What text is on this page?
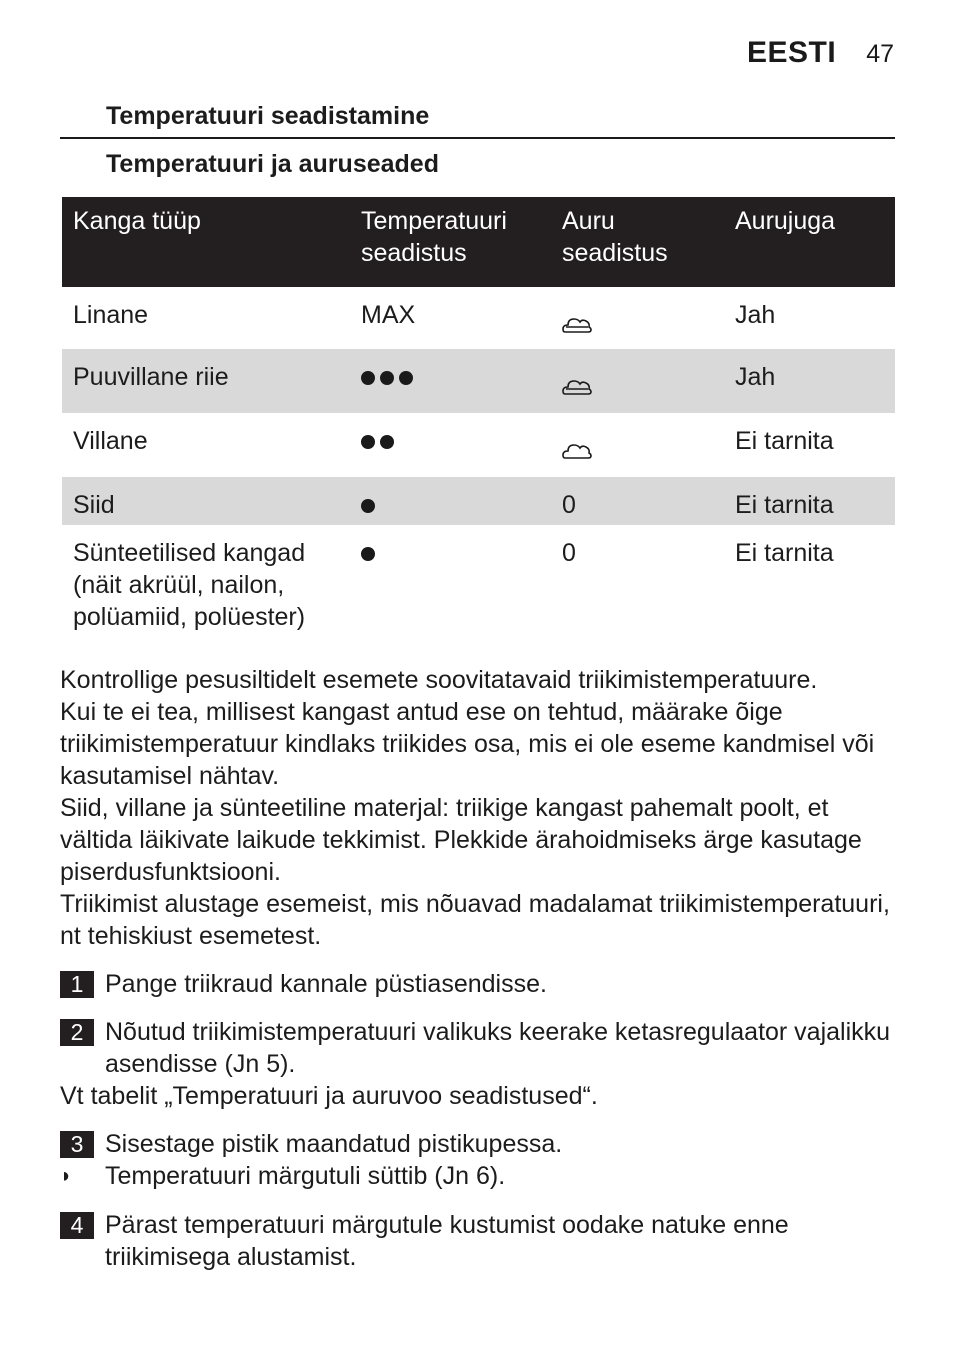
EESTI 47
Temperatuuri seadistamine
Temperatuuri ja auruseaded
Kanga tüüp	Temperatuuri seadistus	Auru seadistus	Aurujuga
Linane	MAX		Jah
Puuvillane riie			Jah
Villane			Ei tarnita
Siid		0	Ei tarnita
Sünteetilised kangad (näit akrüül, nailon, polüamiid, polüester)		0	Ei tarnita

Kontrollige pesusiltidelt esemete soovitatavaid triikimistemperatuure.

Kui te ei tea, millisest kangast antud ese on tehtud, määrake õige triikimistemperatuur kindlaks triikides osa, mis ei ole eseme kandmisel või kasutamisel nähtav.

Siid, villane ja sünteetiline materjal: triikige kangast pahemalt poolt, et vältida läikivate laikude tekkimist. Plekkide ärahoidmiseks ärge kasutage piserdusfunktsiooni.

Triikimist alustage esemeist, mis nõuavad madalamat triikimistemperatuuri, nt tehiskiust esemetest.

1 Pange triikraud kannale püstiasendisse.
2 Nõutud triikimistemperatuuri valikuks keerake ketasregulaator vajalikku asendisse (Jn 5).
Vt tabelit „Temperatuuri ja auruvoo seadistused“.
3 Sisestage pistik maandatud pistikupessa.
◗	Temperatuuri märgutuli süttib (Jn 6).
4 Pärast temperatuuri märgutule kustumist oodake natuke enne triikimisega alustamist.
